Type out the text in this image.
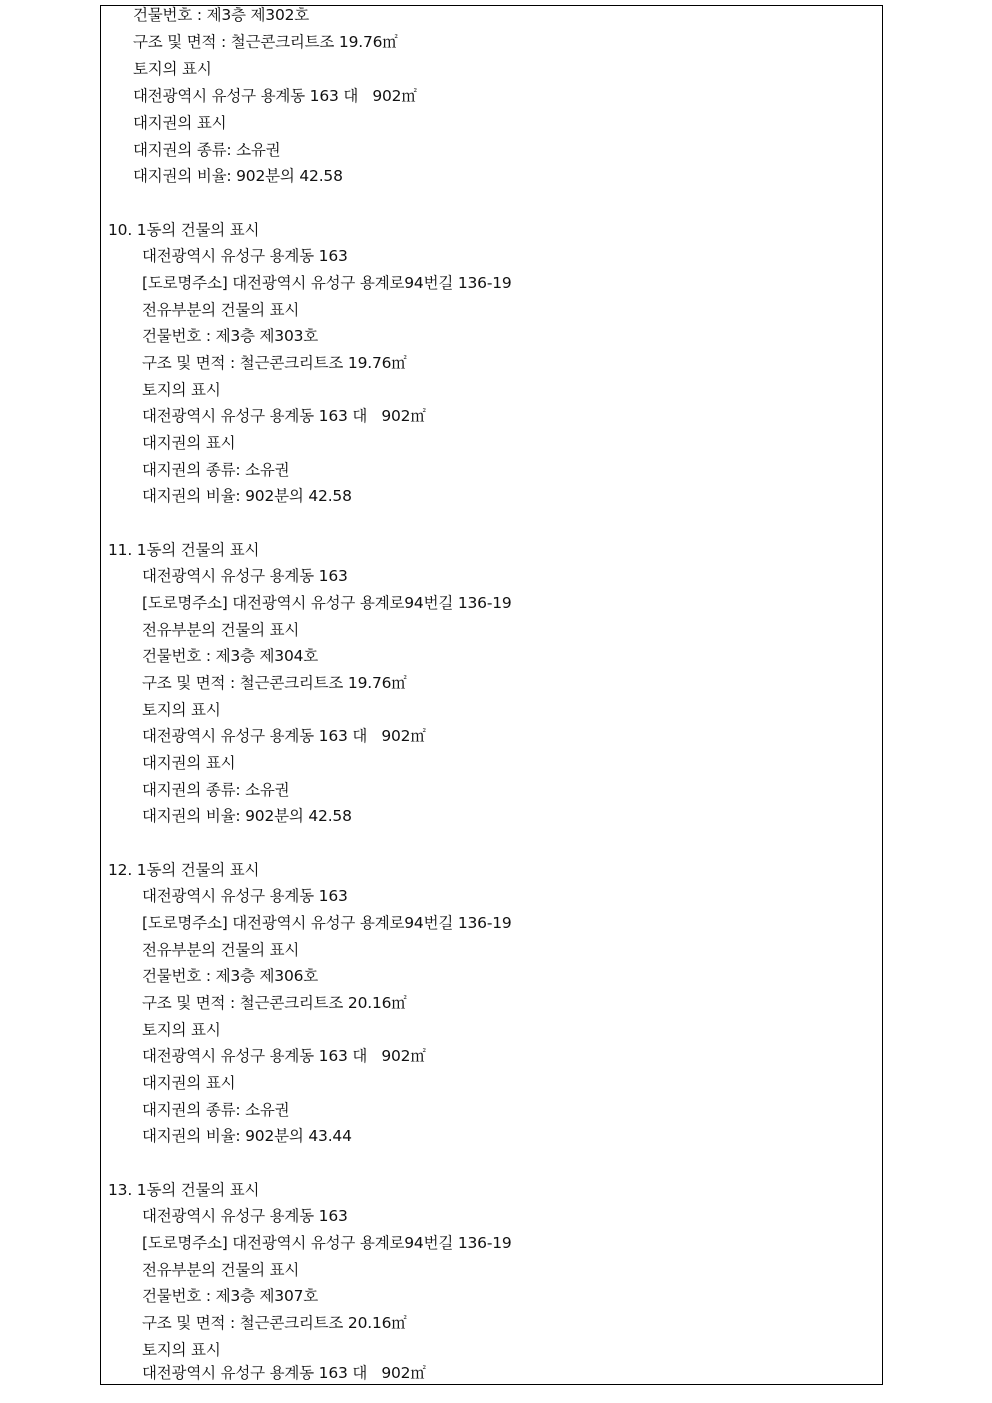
건물번호 : 제3층 제302호
구조 및 면적 : 철근콘크리트조 19.76㎡
토지의 표시
대전광역시 유성구 용계동 163 대   902㎡
대지권의 표시
대지권의 종류: 소유권
대지권의 비율: 902분의 42.58
10. 1동의 건물의 표시
대전광역시 유성구 용계동 163
[도로명주소] 대전광역시 유성구 용계로94번길 136-19
전유부분의 건물의 표시
건물번호 : 제3층 제303호
구조 및 면적 : 철근콘크리트조 19.76㎡
토지의 표시
대전광역시 유성구 용계동 163 대   902㎡
대지권의 표시
대지권의 종류: 소유권
대지권의 비율: 902분의 42.58
11. 1동의 건물의 표시
대전광역시 유성구 용계동 163
[도로명주소] 대전광역시 유성구 용계로94번길 136-19
전유부분의 건물의 표시
건물번호 : 제3층 제304호
구조 및 면적 : 철근콘크리트조 19.76㎡
토지의 표시
대전광역시 유성구 용계동 163 대   902㎡
대지권의 표시
대지권의 종류: 소유권
대지권의 비율: 902분의 42.58
12. 1동의 건물의 표시
대전광역시 유성구 용계동 163
[도로명주소] 대전광역시 유성구 용계로94번길 136-19
전유부분의 건물의 표시
건물번호 : 제3층 제306호
구조 및 면적 : 철근콘크리트조 20.16㎡
토지의 표시
대전광역시 유성구 용계동 163 대   902㎡
대지권의 표시
대지권의 종류: 소유권
대지권의 비율: 902분의 43.44
13. 1동의 건물의 표시
대전광역시 유성구 용계동 163
[도로명주소] 대전광역시 유성구 용계로94번길 136-19
전유부분의 건물의 표시
건물번호 : 제3층 제307호
구조 및 면적 : 철근콘크리트조 20.16㎡
토지의 표시
대전광역시 유성구 용계동 163 대   902㎡
